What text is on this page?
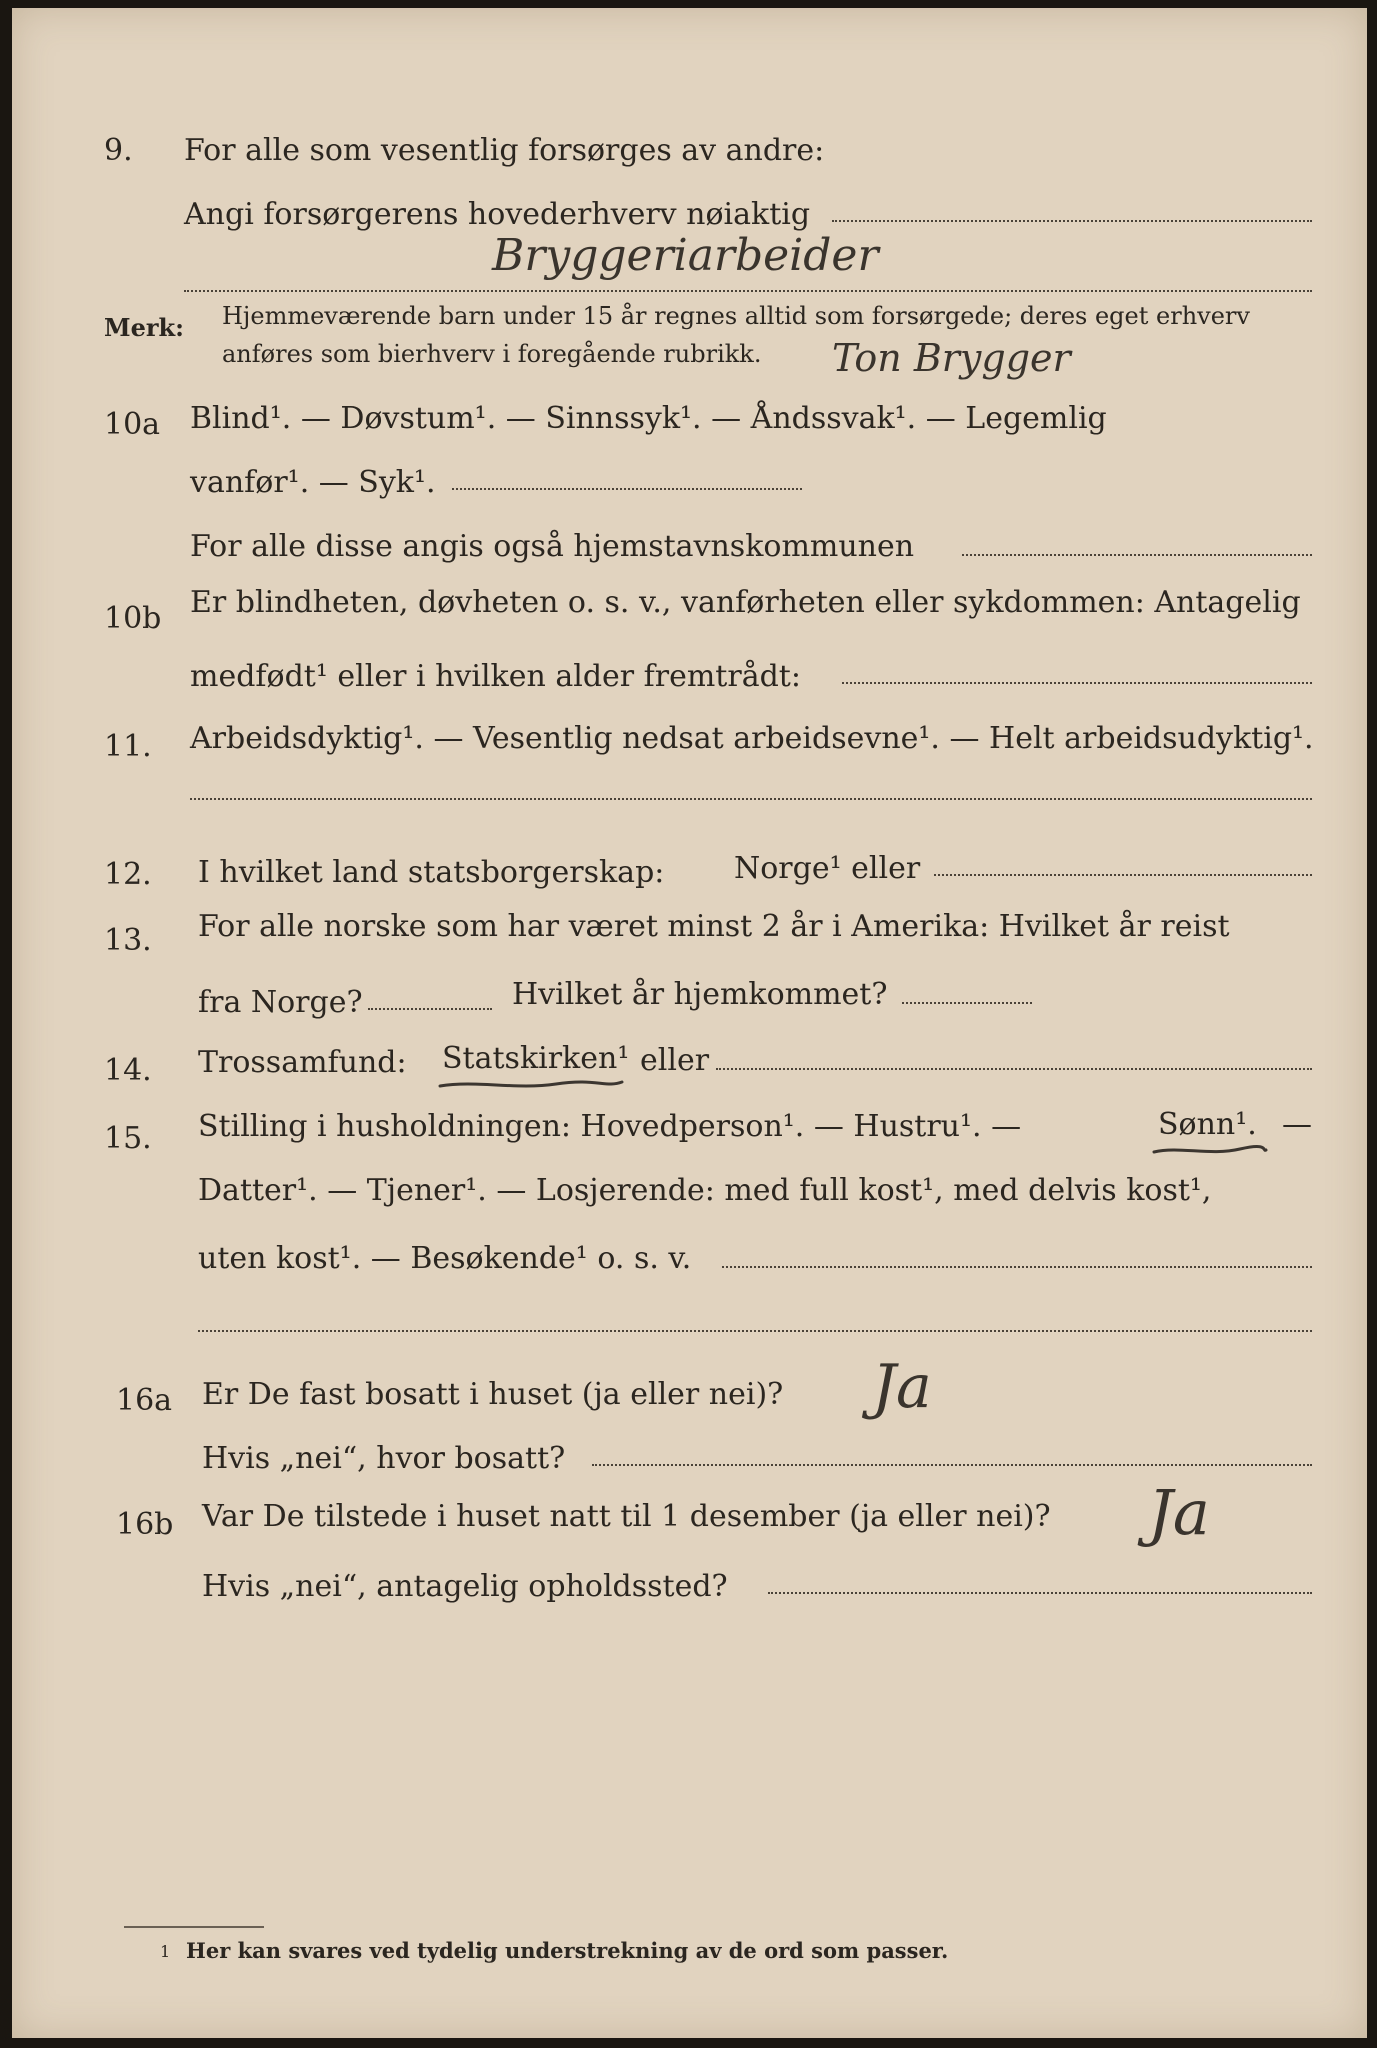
9. For alle som vesentlig forsørges av andre:
Angi forsørgerens hovederhverv nøiaktig
Bryggeriarbeider
Merk: Hjemmeværende barn under 15 år regnes alltid som forsørgede; deres eget erhverv
anføres som bierhverv i foregående rubrikk. Ton Brygger
10a Blind¹. — Døvstum¹. — Sinnssyk¹. — Åndssvak¹. — Legemlig
vanfør¹. — Syk¹.
For alle disse angis også hjemstavnskommunen
10b Er blindheten, døvheten o. s. v., vanførheten eller sykdommen: Antagelig
medfødt¹ eller i hvilken alder fremtrådt:
11. Arbeidsdyktig¹. — Vesentlig nedsat arbeidsevne¹. — Helt arbeidsudyktig¹.
12. I hvilket land statsborgerskap: Norge¹ eller
13. For alle norske som har været minst 2 år i Amerika: Hvilket år reist
fra Norge?	Hvilket år hjemkommet?
14. Trossamfund: Statskirken¹ eller
15. Stilling i husholdningen: Hovedperson¹. — Hustru¹. —	Sønn¹. —
Datter¹. — Tjener¹. — Losjerende: med full kost¹, med delvis kost¹,
uten kost¹. — Besøkende¹ o. s. v.
16a Er De fast bosatt i huset (ja eller nei)? Ja
Hvis „nei“, hvor bosatt?
16b Var De tilstede i huset natt til 1 desember (ja eller nei)? Ja
Hvis „nei“, antagelig opholdssted?
1 Her kan svares ved tydelig understrekning av de ord som passer.
